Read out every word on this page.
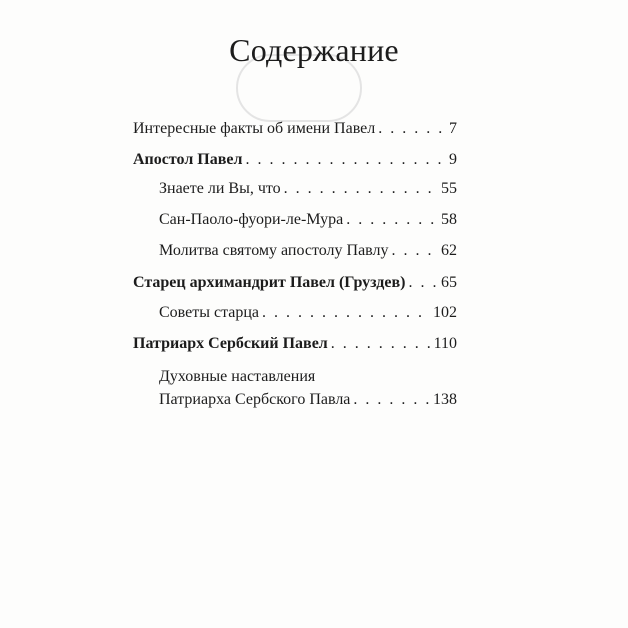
Содержание
Интересные факты об имени Павел . . .	7
Апостол Павел . . .	9
Знаете ли Вы, что . . .	55
Сан-Паоло-фуори-ле-Мура . . .	58
Молитва святому апостолу Павлу . . .	62
Старец архимандрит Павел (Груздев) . . . 65
Советы старца . . .	102
Патриарх Сербский Павел . . .	110
Духовные наставления
Патриарха Сербского Павла . . .	138
